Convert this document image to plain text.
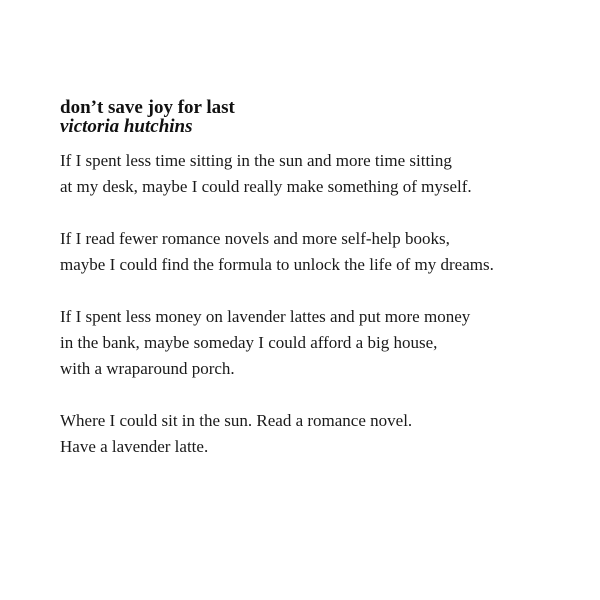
don’t save joy for last
victoria hutchins

If I spent less time sitting in the sun and more time sitting
at my desk, maybe I could really make something of myself.

If I read fewer romance novels and more self-help books,
maybe I could find the formula to unlock the life of my dreams.

If I spent less money on lavender lattes and put more money
in the bank, maybe someday I could afford a big house,
with a wraparound porch.

Where I could sit in the sun. Read a romance novel.
Have a lavender latte.
